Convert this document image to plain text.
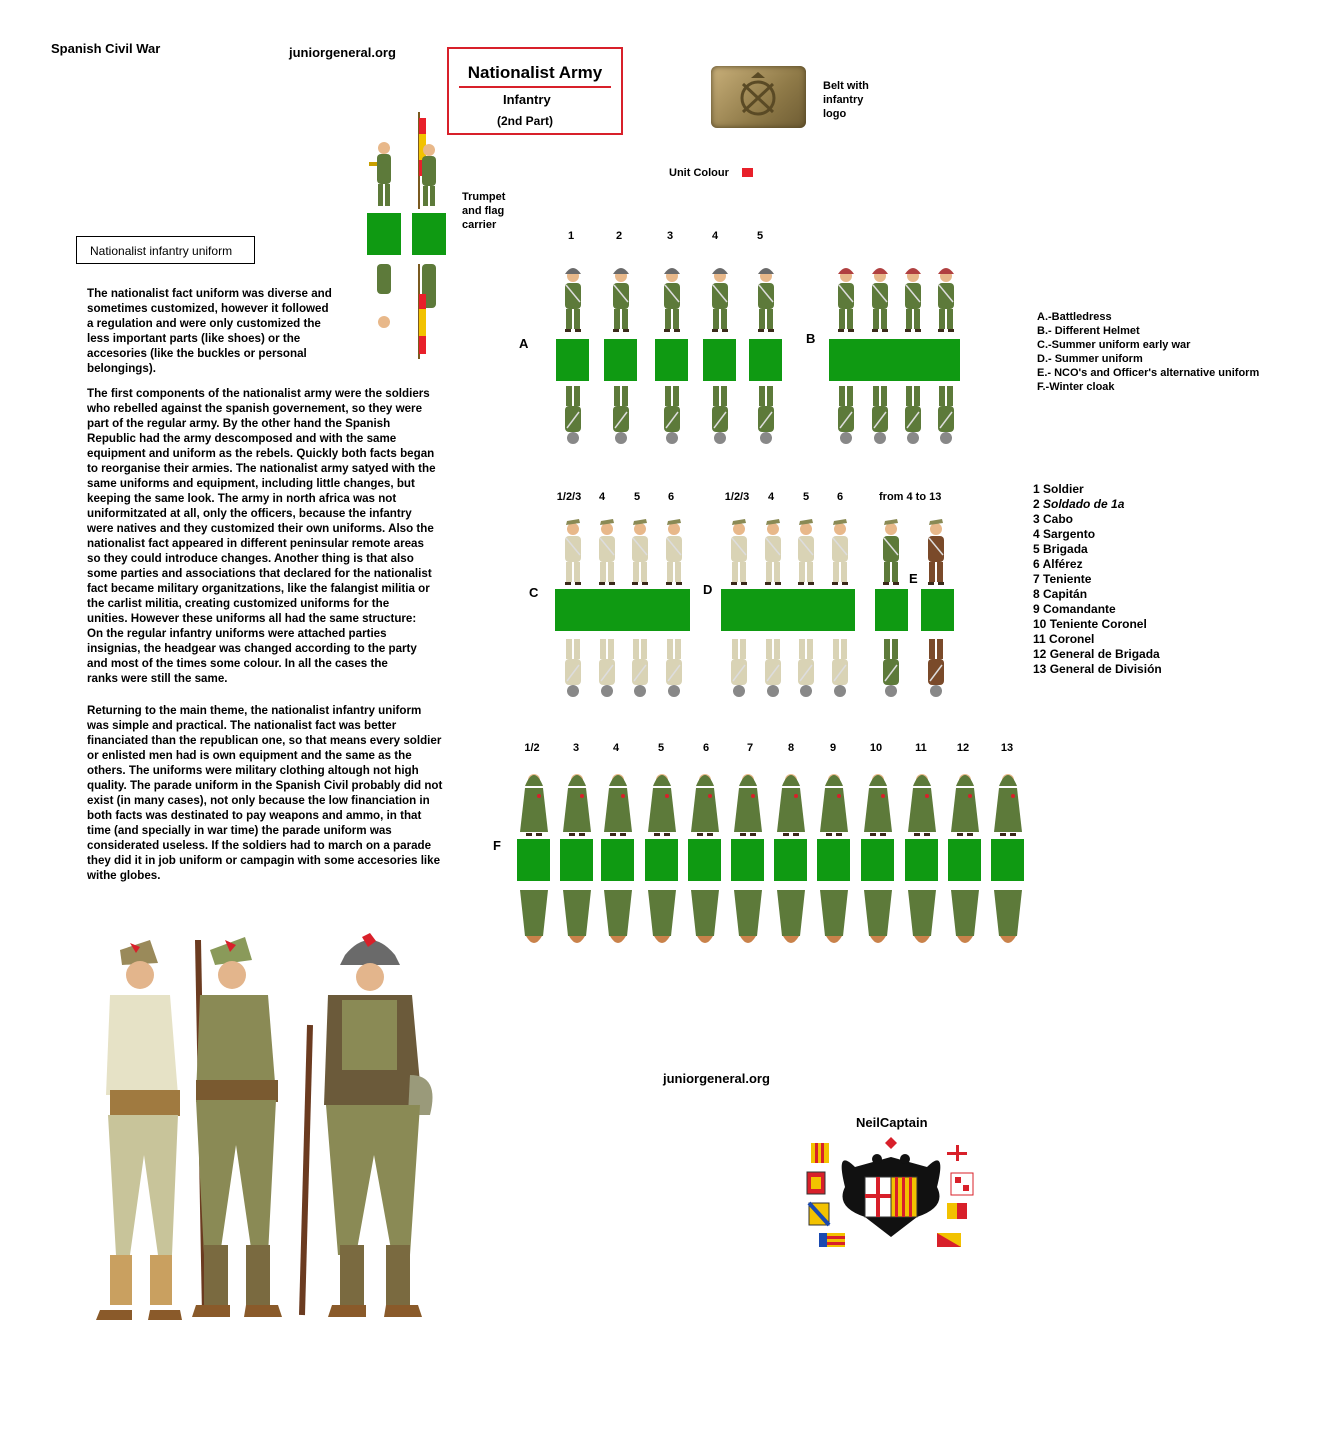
Spanish Civil War	juniorgeneral.org
Nationalist Army
Infantry
(2nd Part)
Belt with
infantry
logo
Unit Colour
Trumpet
and flag
carrier
Nationalist infantry uniform
The nationalist fact uniform was diverse and
sometimes customized, however it followed
a regulation and were only customized the
less important parts (like shoes) or the
accesories (like the buckles or personal
belongings).
The first components of the nationalist army were the soldiers
who rebelled against the spanish governement, so they were
part of the regular army. By the other hand the Spanish
Republic had the army descomposed and with the same
equipment and uniform as the rebels. Quickly both facts began
to reorganise their armies. The nationalist army satyed with the
same uniforms and equipment, including little changes, but
keeping the same look. The army in north africa was not
uniformitzated at all, only the officers, because the infantry
were natives and they customized their own uniforms. Also the
nationalist fact appeared in different peninsular remote areas
so they could introduce changes. Another thing is that also
some parties and associations that declared for the nationalist
fact became military organitzations, like the falangist militia or
the carlist militia, creating customized uniforms for the
unities. However these uniforms all had the same structure:
On the regular infantry uniforms were attached parties
insignias, the headgear was changed according to the party
and most of the times some colour. In all the cases the
ranks were still the same.
Returning to the main theme, the nationalist infantry uniform
was simple and practical. The nationalist fact was better
financiated than the republican one, so that means every soldier
or enlisted men had is own equipment and the same as the
others. The uniforms were military clothing altough not high
quality. The parade uniform in the Spanish Civil probably did not
exist (in many cases), not only because the low financiation in
both facts was destinated to pay weapons and ammo, in that
time (and specially in war time) the parade uniform was
considerated useless. If the soldiers had to march on a parade
they did it in job uniform or campagin with some accesories like
withe globes.
A	B
C	D
E
F
1	2	3	4	5
1/2/3	4	5	6	1/2/3	4	5	6
1/2	3	4	5	6	7	8	9	10	11	12	13
from 4 to 13
A.-Battledress
B.- Different Helmet
C.-Summer uniform early war
D.- Summer uniform
E.- NCO's and Officer's alternative uniform
F.-Winter cloak
1 Soldier
2 Soldado de 1a
3 Cabo
4 Sargento
5 Brigada
6 Alférez
7 Teniente
8 Capitán
9 Comandante
10 Teniente Coronel
11 Coronel
12 General de Brigada
13 General de División
juniorgeneral.org
NeilCaptain
